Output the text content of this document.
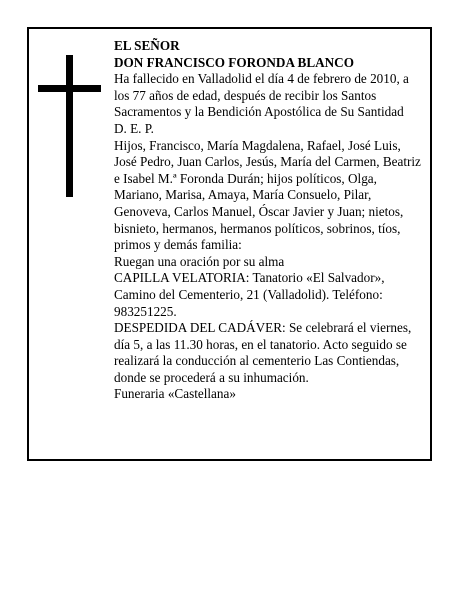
EL SEÑOR

DON FRANCISCO FORONDA BLANCO

Ha fallecido en Valladolid el día 4 de febrero de 2010, a los 77 años de edad, después de recibir los Santos Sacramentos y la Bendición Apostólica de Su Santidad

D. E. P.

Hijos, Francisco, María Magdalena, Rafael, José Luis, José Pedro, Juan Carlos, Jesús, María del Carmen, Beatriz e Isabel M.ª Foronda Durán; hijos políticos, Olga, Mariano, Marisa, Amaya, María Consuelo, Pilar, Genoveva, Carlos Manuel, Óscar Javier y Juan; nietos, bisnieto, hermanos, hermanos políticos, sobrinos, tíos, primos y demás familia:

Ruegan una oración por su alma

CAPILLA VELATORIA: Tanatorio «El Salvador», Camino del Cementerio, 21 (Valladolid). Teléfono: 983251225.

DESPEDIDA DEL CADÁVER: Se celebrará el viernes, día 5, a las 11.30 horas, en el tanatorio. Acto seguido se realizará la conducción al cementerio Las Contiendas, donde se procederá a su inhumación.

Funeraria «Castellana»
